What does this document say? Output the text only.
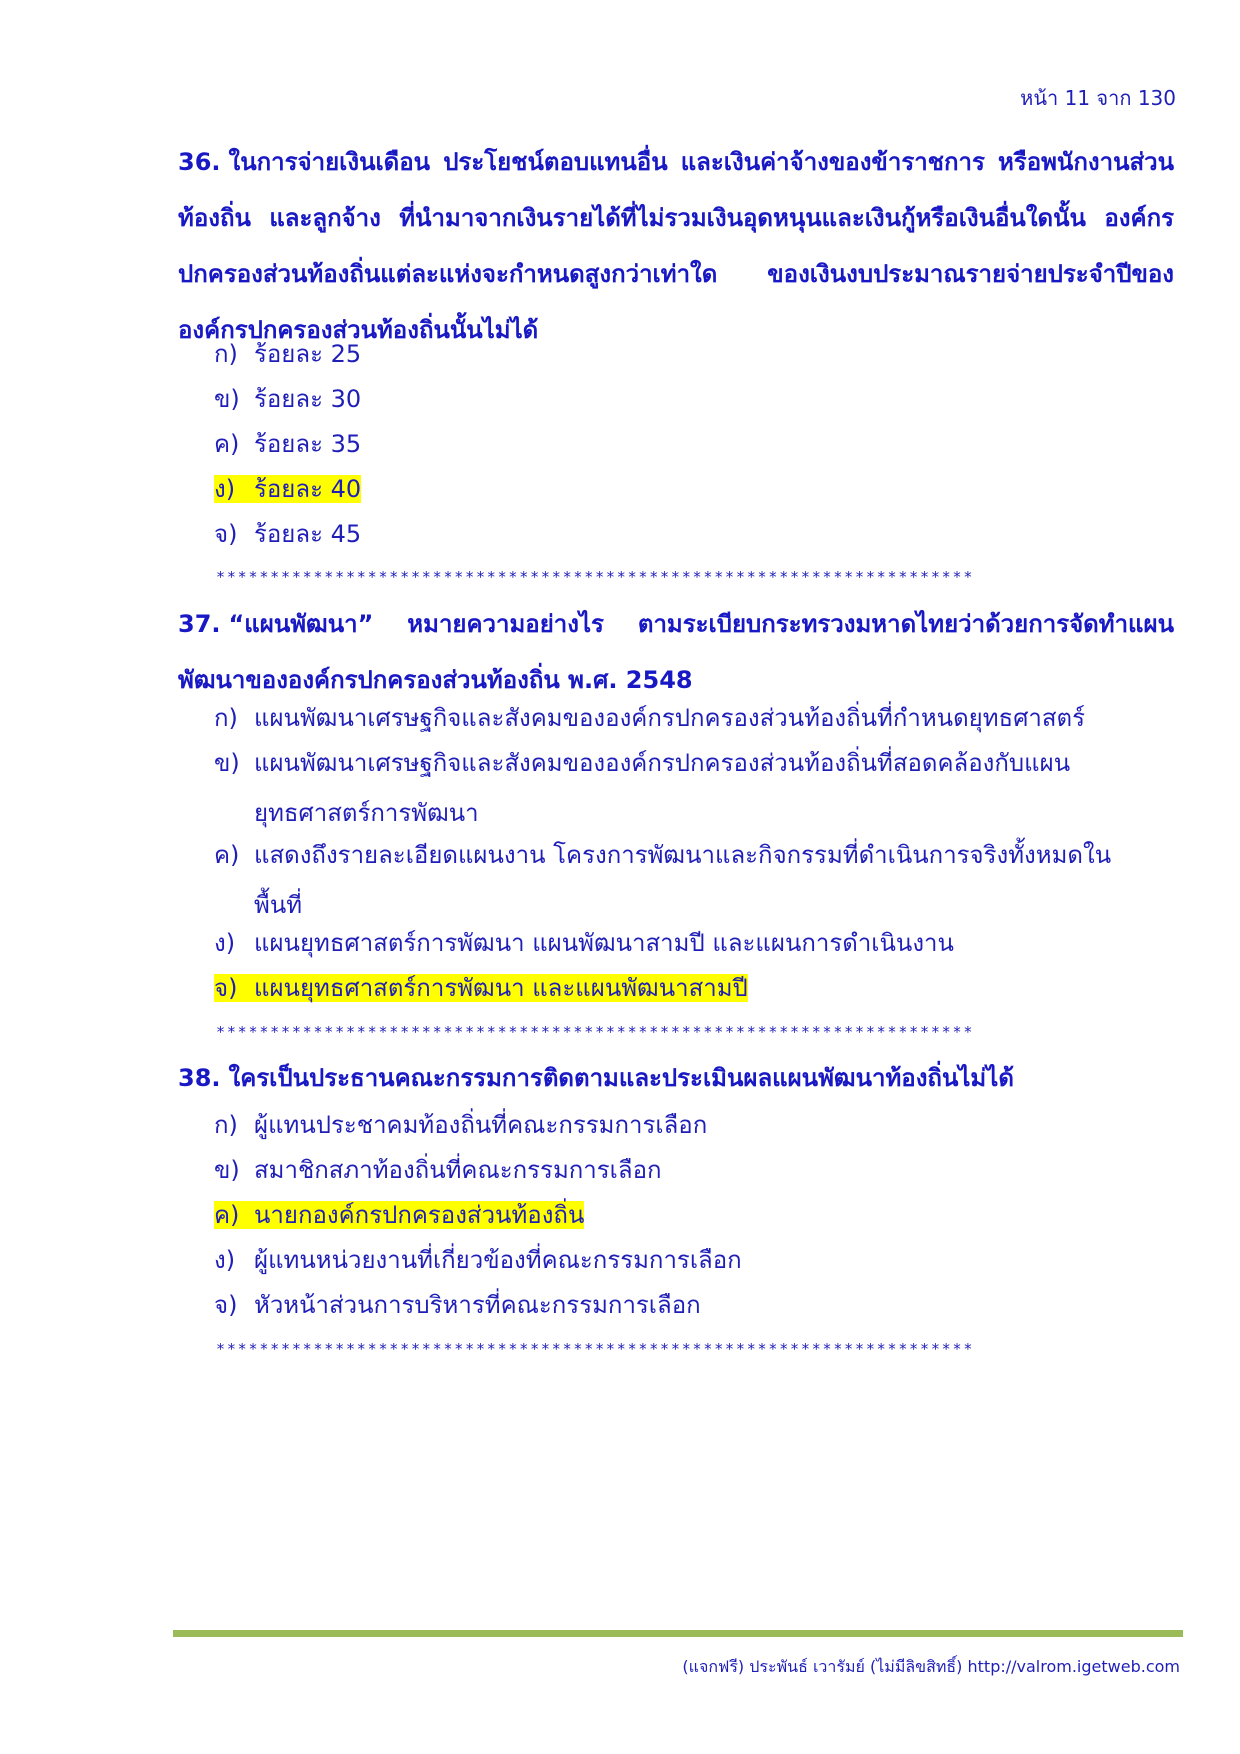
หน้า 11 จาก 130
36. ในการจ่ายเงินเดือน ประโยชน์ตอบแทนอื่น และเงินค่าจ้างของข้าราชการ หรือพนักงานส่วนท้องถิ่น และลูกจ้าง ที่นำมาจากเงินรายได้ที่ไม่รวมเงินอุดหนุนและเงินกู้หรือเงินอื่นใดนั้น องค์กรปกครองส่วนท้องถิ่นแต่ละแห่งจะกำหนดสูงกว่าเท่าใด ของเงินงบประมาณรายจ่ายประจำปีขององค์กรปกครองส่วนท้องถิ่นนั้นไม่ได้
ก) ร้อยละ 25
ข) ร้อยละ 30
ค) ร้อยละ 35
ง) ร้อยละ 40
จ) ร้อยละ 45
**********************************************************************
37. “แผนพัฒนา” หมายความอย่างไร ตามระเบียบกระทรวงมหาดไทยว่าด้วยการจัดทำแผนพัฒนาขององค์กรปกครองส่วนท้องถิ่น พ.ศ. 2548
ก) แผนพัฒนาเศรษฐกิจและสังคมขององค์กรปกครองส่วนท้องถิ่นที่กำหนดยุทธศาสตร์
ข) แผนพัฒนาเศรษฐกิจและสังคมขององค์กรปกครองส่วนท้องถิ่นที่สอดคล้องกับแผน
ยุทธศาสตร์การพัฒนา
ค) แสดงถึงรายละเอียดแผนงาน โครงการพัฒนาและกิจกรรมที่ดำเนินการจริงทั้งหมดใน
พื้นที่
ง) แผนยุทธศาสตร์การพัฒนา แผนพัฒนาสามปี และแผนการดำเนินงาน
จ) แผนยุทธศาสตร์การพัฒนา และแผนพัฒนาสามปี
**********************************************************************
38. ใครเป็นประธานคณะกรรมการติดตามและประเมินผลแผนพัฒนาท้องถิ่นไม่ได้
ก) ผู้แทนประชาคมท้องถิ่นที่คณะกรรมการเลือก
ข) สมาชิกสภาท้องถิ่นที่คณะกรรมการเลือก
ค) นายกองค์กรปกครองส่วนท้องถิ่น
ง) ผู้แทนหน่วยงานที่เกี่ยวข้องที่คณะกรรมการเลือก
จ) หัวหน้าส่วนการบริหารที่คณะกรรมการเลือก
**********************************************************************
(แจกฟรี) ประพันธ์ เวารัมย์ (ไม่มีลิขสิทธิ์) http://valrom.igetweb.com
